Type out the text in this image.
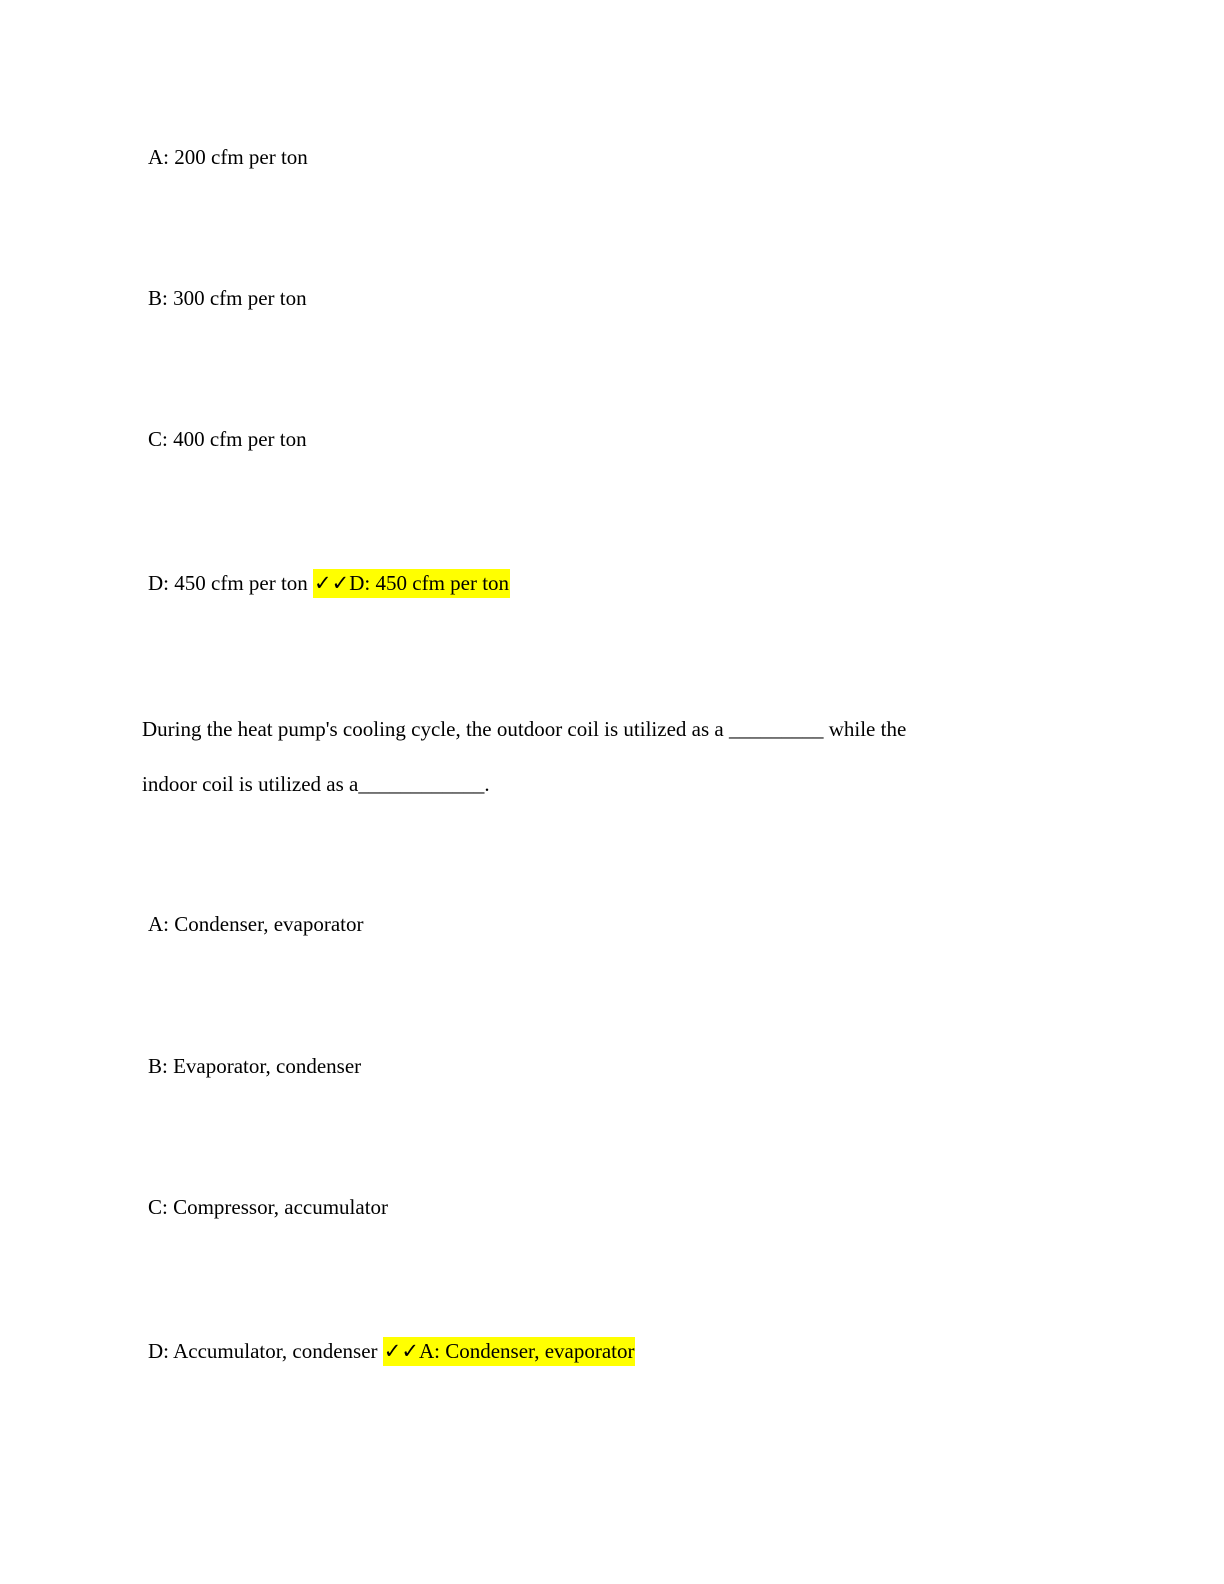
A: 200 cfm per ton

B: 300 cfm per ton

C: 400 cfm per ton

D: 450 cfm per ton ✓✓D: 450 cfm per ton

During the heat pump's cooling cycle, the outdoor coil is utilized as a _________ while the

indoor coil is utilized as a____________.

A: Condenser, evaporator

B: Evaporator, condenser

C: Compressor, accumulator

D: Accumulator, condenser ✓✓A: Condenser, evaporator
